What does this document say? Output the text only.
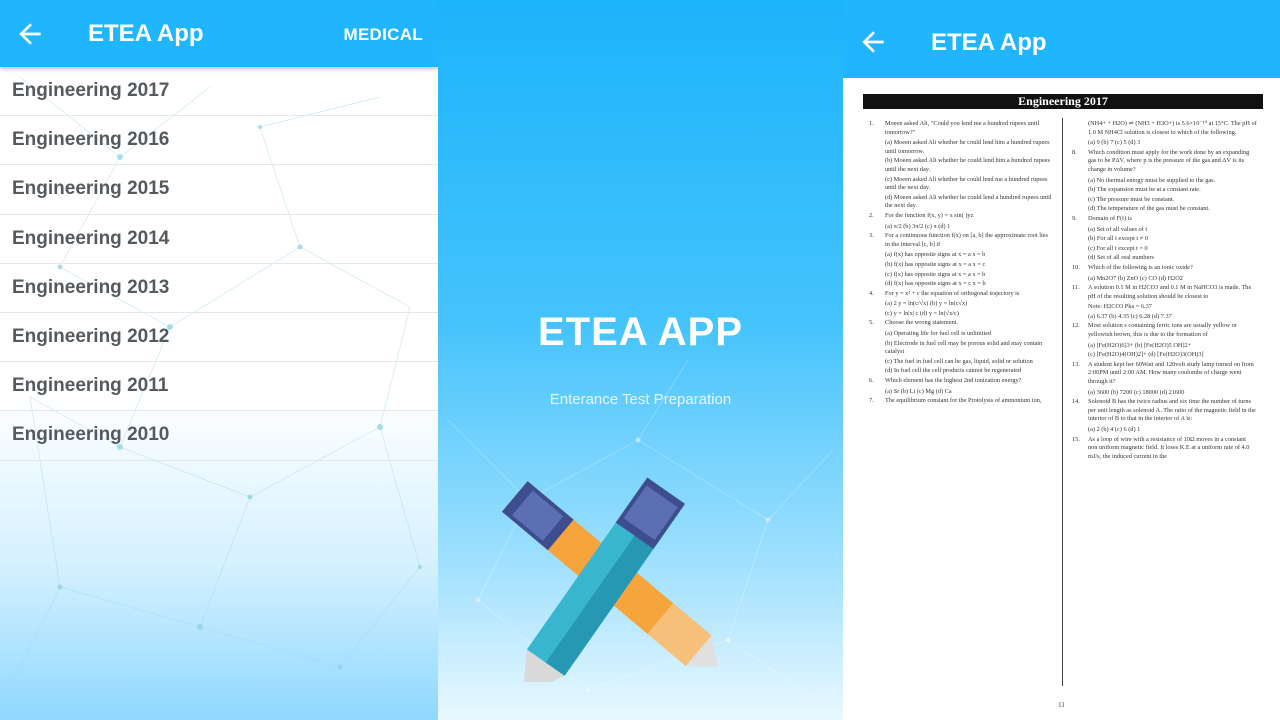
ETEA App	MEDICAL
Engineering 2017
Engineering 2016
Engineering 2015
Engineering 2014
Engineering 2013
Engineering 2012
Engineering 2011
Engineering 2010
ETEA APP
Enterance Test Preparation
ETEA App
Engineering 2017
1.	Moeen asked Ali, "Could you lend me a hundred rupees until tomorrow?"
(a) Moeen asked Ali whether he could lend him a hundred rupees until tomorrow.
(b) Moeen asked Ali whether he could lend him a hundred rupees until the next day.
(c) Moeen asked Ali whether he could lend me a hundred rupees until the next day.
(d) Moeen asked Ali whether he could lend a hundred rupees until the next day.
2.	For the function f(x, y) = x sin( )yz
(a) π/2 (b) 3π/2 (c) π (d) 1
3.	For a continuous function f(x) on [a, b] the approximate root lies in the interval [c, b] if
(a) f(x) has opposite signs at x = a x = b
(b) f(x) has opposite signs at x = a x = c
(c) f(x) has opposite signs at x = a x = b
(d) f(x) has opposite signs at x = c x = b
4.	For y = x² + c the equation of orthogonal trajectory is
(a) 2 y = ln(c/√x) (b) y = ln(c√x)
(c) y = ln|x| c (d) y = ln(√x/c)
5.	Choose the wrong statement.
(a) Operating life for fuel cell is unlimited
(b) Electrode in fuel cell may be porous solid and may contain catalyst
(c) The fuel in fuel cell can be gas, liquid, solid or solution
(d) In fuel cell the cell products cannot be regenerated
6.	Which element has the highest 2nd ionization energy?
(a) Sr (b) Li (c) Mg (d) Ca
7.	The equilibrium constant for the Protolysis of ammonium ion,
(NH4+ + H2O) ⇌ (NH3 + H3O+) is 5.6×10⁻¹⁰ at 15°C. The pH of 1.0 M NH4Cl solution is closest to which of the following.
(a) 9 (b) 7 (c) 5 (d) 3
8.	Which condition must apply for the work done by an expanding gas to be PΔV, where p is the pressure of the gas and ΔV is its change in volume?
(a) No thermal energy must be supplied to the gas.
(b) The expansion must be at a constant rate.
(c) The pressure must be constant.
(d) The temperature of the gas must be constant.
9.	Domain of F(t) is
(a) Set of all values of t
(b) For all t except t ≠ 0
(c) For all t except t = 0
(d) Set of all real numbers
10.	Which of the following is an ionic oxide?
(a) Mn2O7 (b) ZnO (c) CO (d) H2O2
11.	A solution 0.1 M in H2CO3 and 0.1 M in NaHCO3 is made. The pH of the resulting solution should be closest to
Note: H2CO3 Pka = 6.37
(a) 6.37 (b) 4.35 (c) 6.28 (d) 7.37
12.	Most solution s containing ferric ions are usually yellow or yellowish brown, this is due to the formation of
(a) [Fe(H2O)6]3+ (b) [Fe(H2O)5 OH]2+
(c) [Fe(H2O)4(OH)2]+ (d) [Fe(H2O)3(OH)3]
13.	A student kept her 60Watt and 120volt study lamp turned on from 2:00PM until 2:00 AM. How many coulombs of charge went through it?
(a) 3600 (b) 7200 (c) 18000 (d) 21600
14.	Solenoid B has the twice radius and six time the number of turns per unit length as solenoid A. The ratio of the magnetic field in the interior of B to that in the interior of A is:
(a) 2 (b) 4 (c) 6 (d) 1
15.	As a loop of wire with a resistance of 10Ω moves in a constant non uniform magnetic field. It loses K.E at a uniform rate of 4.0 mJ/s, the induced current in the
11
